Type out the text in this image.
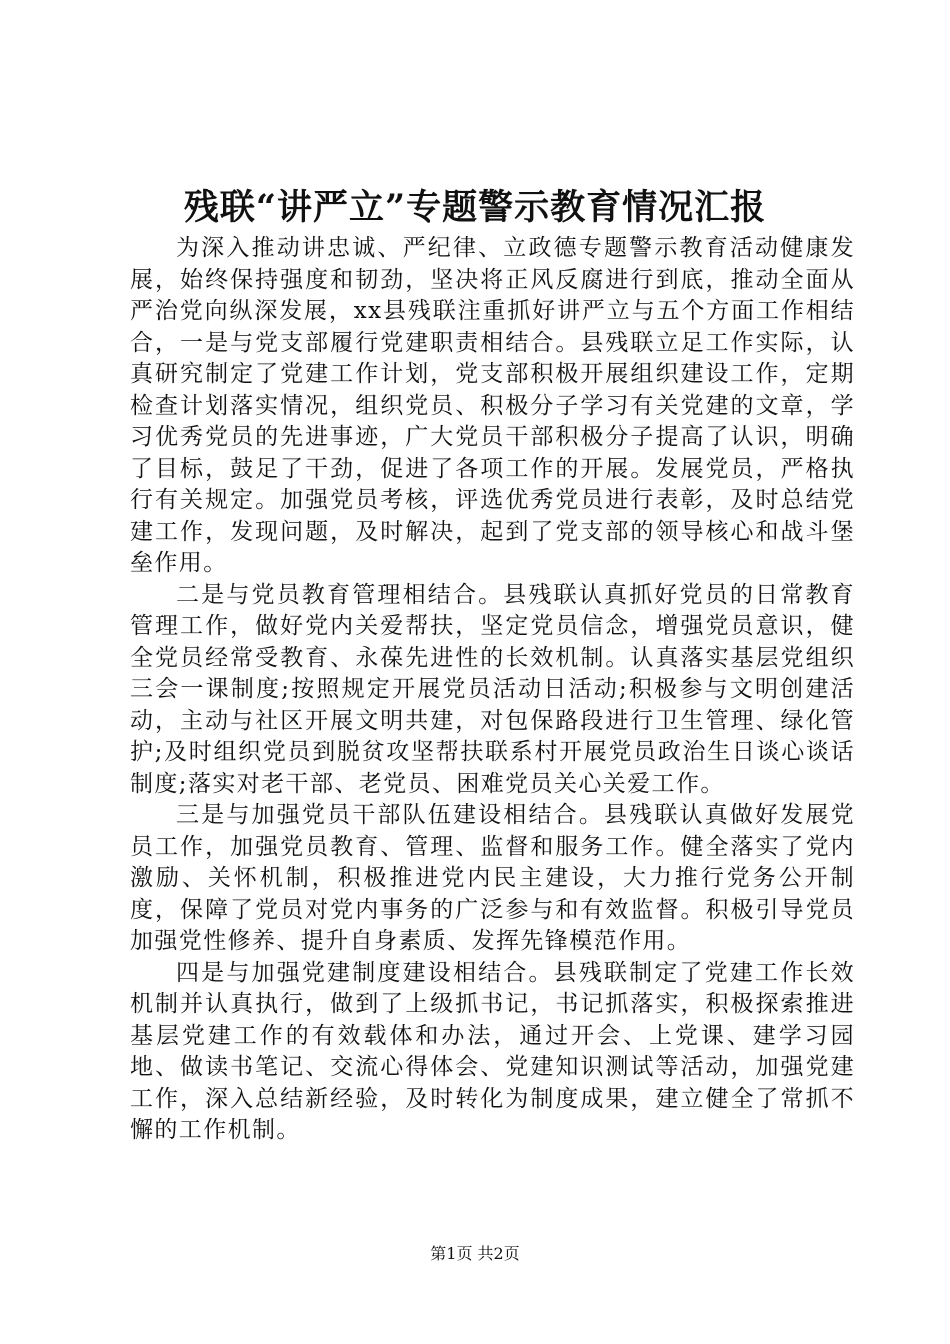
残联“讲严立”专题警示教育情况汇报

为深入推动讲忠诚、严纪律、立政德专题警示教育活动健康发展，始终保持强度和韧劲，坚决将正风反腐进行到底，推动全面从严治党向纵深发展，xx县残联注重抓好讲严立与五个方面工作相结合，一是与党支部履行党建职责相结合。县残联立足工作实际，认真研究制定了党建工作计划，党支部积极开展组织建设工作，定期检查计划落实情况，组织党员、积极分子学习有关党建的文章，学习优秀党员的先进事迹，广大党员干部积极分子提高了认识，明确了目标，鼓足了干劲，促进了各项工作的开展。发展党员，严格执行有关规定。加强党员考核，评选优秀党员进行表彰，及时总结党建工作，发现问题，及时解决，起到了党支部的领导核心和战斗堡垒作用。

二是与党员教育管理相结合。县残联认真抓好党员的日常教育管理工作，做好党内关爱帮扶，坚定党员信念，增强党员意识，健全党员经常受教育、永葆先进性的长效机制。认真落实基层党组织三会一课制度;按照规定开展党员活动日活动;积极参与文明创建活动，主动与社区开展文明共建，对包保路段进行卫生管理、绿化管护;及时组织党员到脱贫攻坚帮扶联系村开展党员政治生日谈心谈话制度;落实对老干部、老党员、困难党员关心关爱工作。

三是与加强党员干部队伍建设相结合。县残联认真做好发展党员工作，加强党员教育、管理、监督和服务工作。健全落实了党内激励、关怀机制，积极推进党内民主建设，大力推行党务公开制度，保障了党员对党内事务的广泛参与和有效监督。积极引导党员加强党性修养、提升自身素质、发挥先锋模范作用。

四是与加强党建制度建设相结合。县残联制定了党建工作长效机制并认真执行，做到了上级抓书记，书记抓落实，积极探索推进基层党建工作的有效载体和办法，通过开会、上党课、建学习园地、做读书笔记、交流心得体会、党建知识测试等活动，加强党建工作，深入总结新经验，及时转化为制度成果，建立健全了常抓不懈的工作机制。

第1页 共2页
